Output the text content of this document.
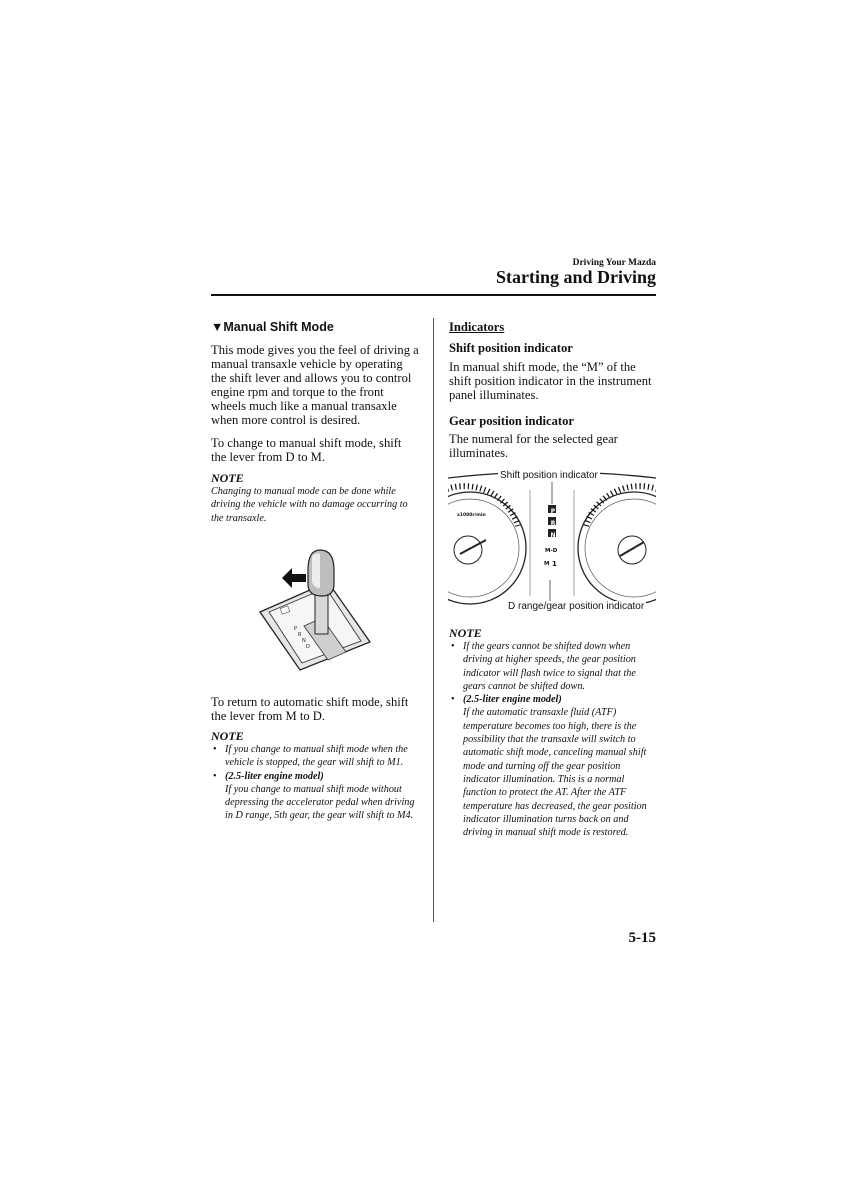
Driving Your Mazda
Starting and Driving
▼Manual Shift Mode
This mode gives you the feel of driving a manual transaxle vehicle by operating the shift lever and allows you to control engine rpm and torque to the front wheels much like a manual transaxle when more control is desired.
To change to manual shift mode, shift the lever from D to M.
NOTE
Changing to manual mode can be done while driving the vehicle with no damage occurring to the transaxle.
P
R
N
D
To return to automatic shift mode, shift the lever from M to D.
NOTE
• If you change to manual shift mode when the vehicle is stopped, the gear will shift to M1.
• (2.5-liter engine model)
If you change to manual shift mode without depressing the accelerator pedal when driving in D range, 5th gear, the gear will shift to M4.
Indicators
Shift position indicator
In manual shift mode, the “M” of the shift position indicator in the instrument panel illuminates.
Gear position indicator
The numeral for the selected gear illuminates.
P
R
N
M-D
M 1
x1000r/min
Shift position indicator
D range/gear position indicator
NOTE
• If the gears cannot be shifted down when driving at higher speeds, the gear position indicator will flash twice to signal that the gears cannot be shifted down.
• (2.5-liter engine model)
If the automatic transaxle fluid (ATF) temperature becomes too high, there is the possibility that the transaxle will switch to automatic shift mode, canceling manual shift mode and turning off the gear position indicator illumination. This is a normal function to protect the AT. After the ATF temperature has decreased, the gear position indicator illumination turns back on and driving in manual shift mode is restored.
5-15
